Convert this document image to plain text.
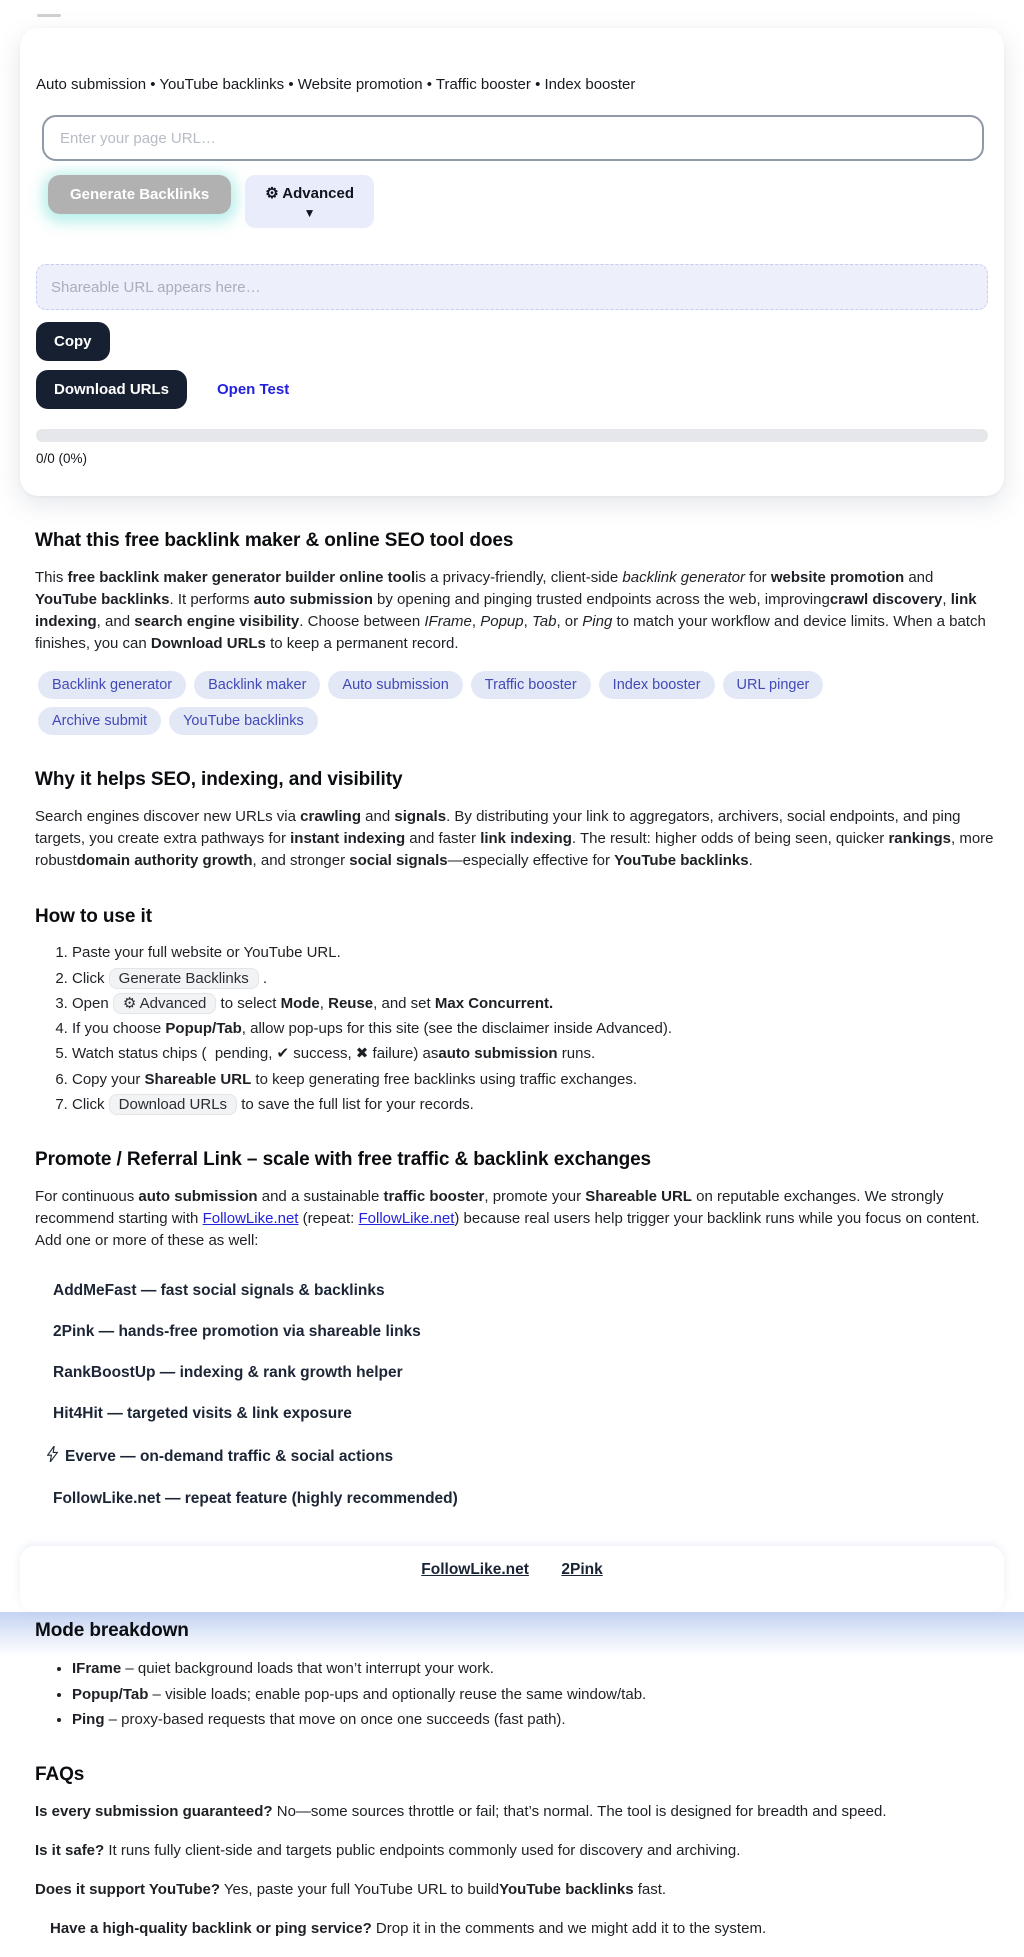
Auto submission • YouTube backlinks • Website promotion • Traffic booster • Index booster

Enter your page URL…
Generate Backlinks	⚙ Advanced
▼
Shareable URL appears here…
Copy
Download URLs	Open Test
0/0 (0%)
What this free backlink maker & online SEO tool does

This free backlink maker generator builder online toolis a privacy-friendly, client-side backlink generator for website promotion and YouTube backlinks. It performs auto submission by opening and pinging trusted endpoints across the web, improvingcrawl discovery, link indexing, and search engine visibility. Choose between IFrame, Popup, Tab, or Ping to match your workflow and device limits. When a batch finishes, you can Download URLs to keep a permanent record.

Backlink generator	Backlink maker	Auto submission	Traffic booster	Index booster	URL pinger
Archive submit	YouTube backlinks
Why it helps SEO, indexing, and visibility

Search engines discover new URLs via crawling and signals. By distributing your link to aggregators, archivers, social endpoints, and ping targets, you create extra pathways for instant indexing and faster link indexing. The result: higher odds of being seen, quicker rankings, more robustdomain authority growth, and stronger social signals—especially effective for YouTube backlinks.

How to use it
1. Paste your full website or YouTube URL.
2. Click Generate Backlinks .
3. Open ⚙ Advanced to select Mode, Reuse, and set Max Concurrent.
4. If you choose Popup/Tab, allow pop-ups for this site (see the disclaimer inside Advanced).
5. Watch status chips (  pending, ✔ success, ✖ failure) asauto submission runs.
6. Copy your Shareable URL to keep generating free backlinks using traffic exchanges.
7. Click Download URLs to save the full list for your records.
Promote / Referral Link – scale with free traffic & backlink exchanges

For continuous auto submission and a sustainable traffic booster, promote your Shareable URL on reputable exchanges. We strongly recommend starting with FollowLike.net (repeat: FollowLike.net) because real users help trigger your backlink runs while you focus on content. Add one or more of these as well:

AddMeFast — fast social signals & backlinks

2Pink — hands-free promotion via shareable links

RankBoostUp — indexing & rank growth helper

Hit4Hit — targeted visits & link exposure

Everve — on-demand traffic & social actions

FollowLike.net — repeat feature (highly recommended)

FollowLike.net 2Pink
Mode breakdown
• IFrame – quiet background loads that won’t interrupt your work.
• Popup/Tab – visible loads; enable pop-ups and optionally reuse the same window/tab.
• Ping – proxy-based requests that move on once one succeeds (fast path).
FAQs

Is every submission guaranteed? No—some sources throttle or fail; that’s normal. The tool is designed for breadth and speed.

Is it safe? It runs fully client-side and targets public endpoints commonly used for discovery and archiving.

Does it support YouTube? Yes, paste your full YouTube URL to buildYouTube backlinks fast.

Have a high-quality backlink or ping service? Drop it in the comments and we might add it to the system.
